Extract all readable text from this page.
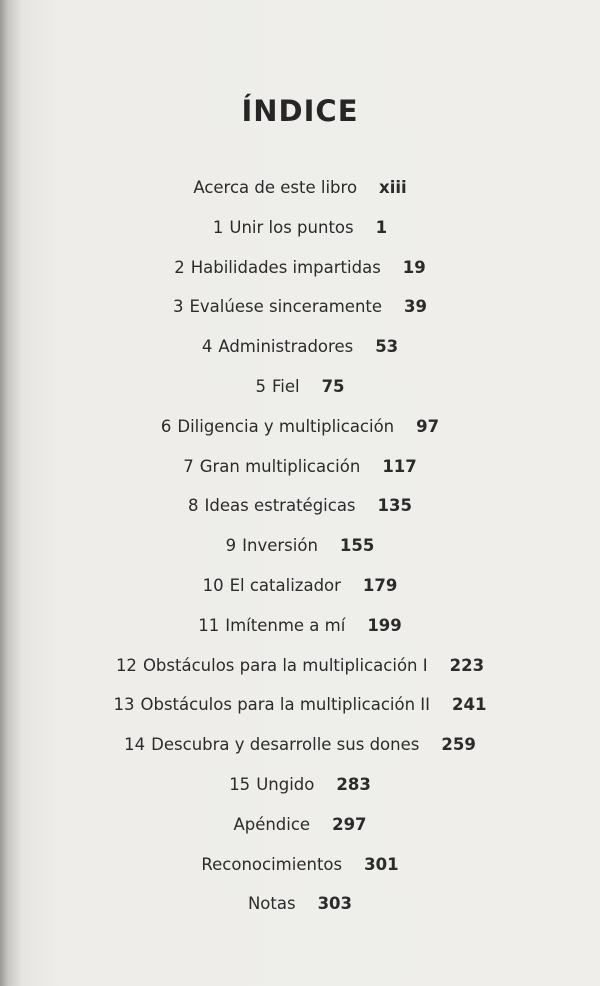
ÍNDICE
Acerca de este libro xiii
1 Unir los puntos 1
2 Habilidades impartidas 19
3 Evalúese sinceramente 39
4 Administradores 53
5 Fiel 75
6 Diligencia y multiplicación 97
7 Gran multiplicación 117
8 Ideas estratégicas 135
9 Inversión 155
10 El catalizador 179
11 Imítenme a mí 199
12 Obstáculos para la multiplicación I 223
13 Obstáculos para la multiplicación II 241
14 Descubra y desarrolle sus dones 259
15 Ungido 283
Apéndice 297
Reconocimientos 301
Notas 303
